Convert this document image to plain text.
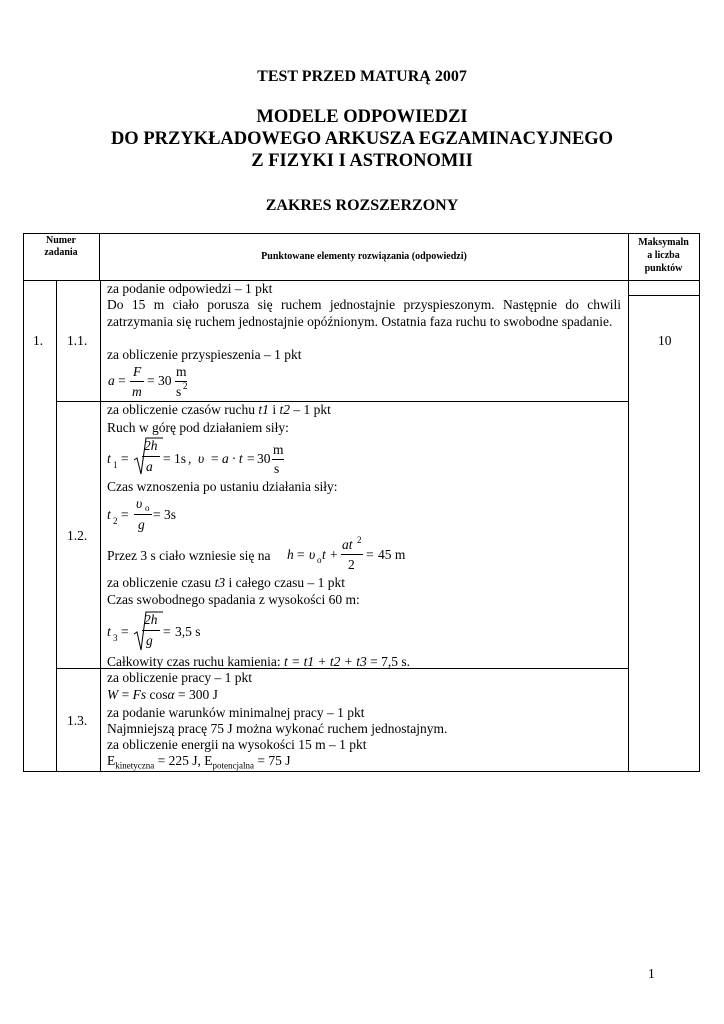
TEST PRZED MATURĄ 2007
MODELE ODPOWIEDZI
DO PRZYKŁADOWEGO ARKUSZA EGZAMINACYJNEGO
Z FIZYKI I ASTRONOMII
ZAKRES ROZSZERZONY
Numer
zadania	Punktowane elementy rozwiązania (odpowiedzi)
Maksymaln
a liczba
punktów
1.	10
1.1.
za podanie odpowiedzi – 1 pkt
Do 15 m ciało porusza się ruchem jednostajnie przyspieszonym. Następnie do chwili zatrzymania się ruchem jednostajnie opóźnionym. Ostatnia faza ruchu to swobodne spadanie.
za obliczenie przyspieszenia – 1 pkt
a =
F
m
= 30
m
s 2
1.2.
za obliczenie czasów ruchu t1 i t2 – 1 pkt
Ruch w górę pod działaniem siły:
t 1 =
2h
a
= 1s , υ = a · t = 30
m
s
Czas wznoszenia po ustaniu działania siły:
t 2 =
υ o
g
= 3s
Przez 3 s ciało wzniesie się na h = υ o t +
at 2
2
= 45 m
za obliczenie czasu t3 i całego czasu – 1 pkt
Czas swobodnego spadania z wysokości 60 m:
t 3 =
2h
g
= 3,5 s
Całkowity czas ruchu kamienia: t = t1 + t2 + t3 = 7,5 s.
1.3.
za obliczenie pracy – 1 pkt
W = Fs cosα = 300 J
za podanie warunków minimalnej pracy – 1 pkt
Najmniejszą pracę 75 J można wykonać ruchem jednostajnym.
za obliczenie energii na wysokości 15 m – 1 pkt
$E_{kinetyczna} = 225$ J, $E_{potencjalna} = 75$ J
1
